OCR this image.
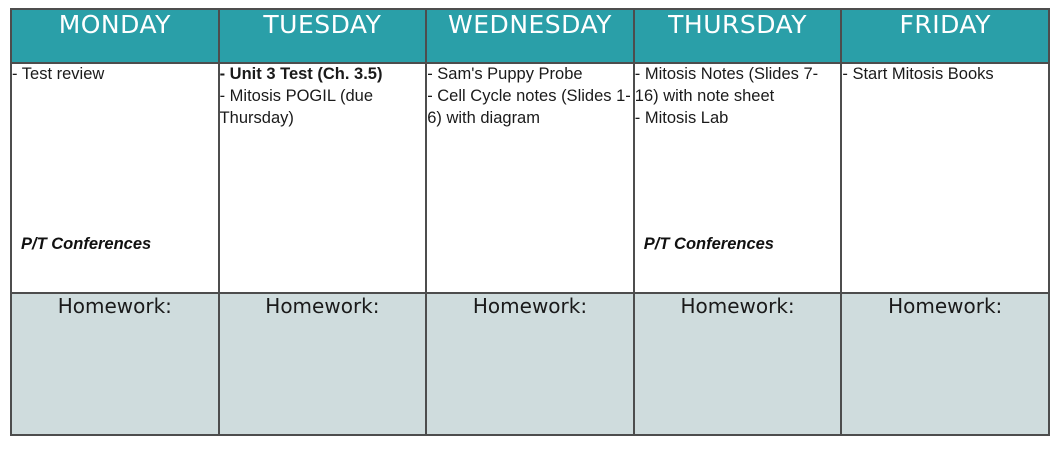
MONDAY	TUESDAY	WEDNESDAY	THURSDAY	FRIDAY

- Test review
P/T Conferences

- Unit 3 Test (Ch. 3.5)
- Mitosis POGIL (due Thursday)

- Sam's Puppy Probe
- Cell Cycle notes (Slides 1-6) with diagram

- Mitosis Notes (Slides 7-16) with note sheet
- Mitosis Lab
P/T Conferences

- Start Mitosis Books

Homework:	Homework:	Homework:	Homework:	Homework:
